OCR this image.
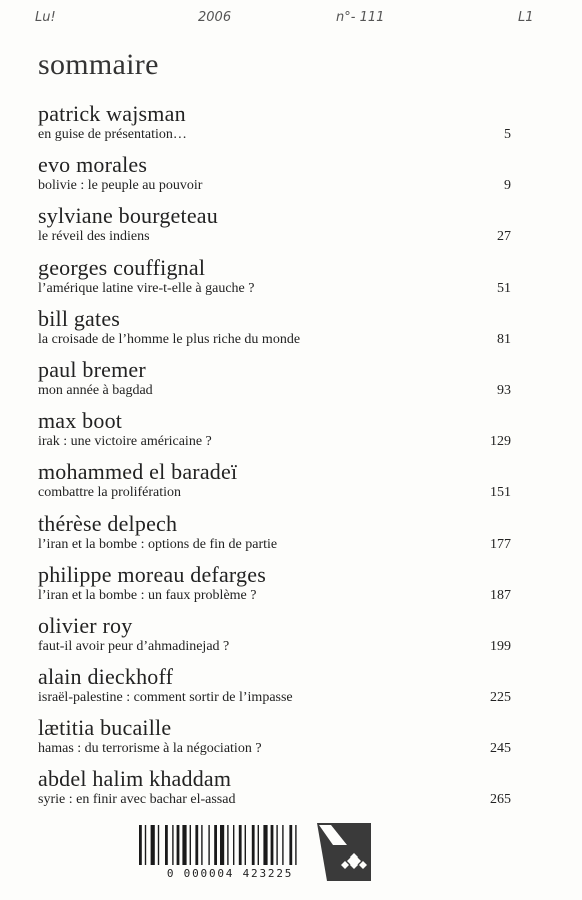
Lu!	2006	n°- 111	L1
sommaire
patrick wajsman
en guise de présentation…	5
evo morales
bolivie : le peuple au pouvoir	9
sylviane bourgeteau
le réveil des indiens	27
georges couffignal
l’amérique latine vire-t-elle à gauche ?	51
bill gates
la croisade de l’homme le plus riche du monde	81
paul bremer
mon année à bagdad	93
max boot
irak : une victoire américaine ?	129
mohammed el baradeï
combattre la prolifération	151
thérèse delpech
l’iran et la bombe : options de fin de partie	177
philippe moreau defarges
l’iran et la bombe : un faux problème ?	187
olivier roy
faut-il avoir peur d’ahmadinejad ?	199
alain dieckhoff
israël-palestine : comment sortir de l’impasse	225
lætitia bucaille
hamas : du terrorisme à la négociation ?	245
abdel halim khaddam
syrie : en finir avec bachar el-assad	265
0 000004 423225
